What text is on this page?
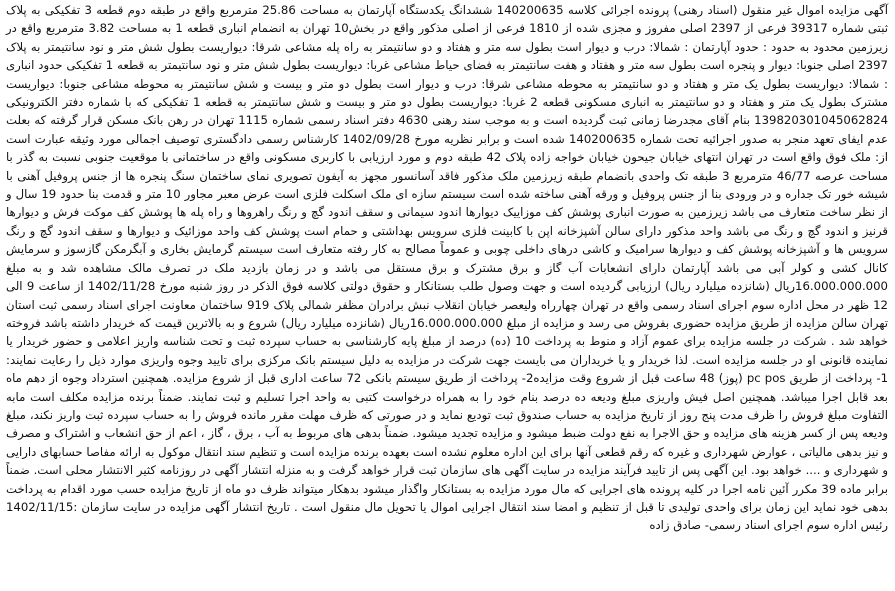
آگهی مزایده اموال غیر منقول (اسناد رهنی) پرونده اجرائی کلاسه 140200635 ششدانگ یکدستگاه آپارتمان به مساحت 25.86 مترمربع واقع در طبقه دوم قطعه 3 تفکیکی به پلاک ثبتی شماره 39317 فرعی از 2397 اصلی مفروز و مجزی شده از 1810 فرعی از اصلی مذکور واقع در بخش10 تهران به انضمام انباری قطعه 1 به مساحت 3.82 مترمربع واقع در زیرزمین محدود به حدود : حدود آپارتمان : شمالا: درب و دیوار است بطول سه متر و هفتاد و دو سانتیمتر به راه پله مشاعی شرقا: دیواریست بطول شش متر و نود سانتیمتر به پلاک 2397 اصلی جنوبا: دیوار و پنجره است بطول سه متر و هفتاد و هفت سانتیمتر به فضای حیاط مشاعی غربا: دیواریست بطول شش متر و نود سانتیمتر به قطعه 1 تفکیکی حدود انباری : شمالا: دیواریست بطول یک متر و هفتاد و دو سانتیمتر به محوطه مشاعی شرقا: درب و دیوار است بطول دو متر و بیست و شش سانتیمتر به محوطه مشاعی جنوبا: دیواریست مشترک بطول یک متر و هفتاد و دو سانتیمتر به انباری مسکونی قطعه 2 غربا: دیواریست بطول دو متر و بیست و شش سانتیمتر به قطعه 1 تفکیکی که با شماره دفتر الکترونیکی 139820301045062824 بنام آقای مجدرضا زمانی ثبت گردیده است و به موجب سند رهنی 4630 دفتر اسناد رسمی شماره 1115 تهران در رهن بانک مسکن قرار گرفته که بعلت عدم ایفای تعهد منجر به صدور اجرائیه تحت شماره 140200635 شده است و برابر نظریه مورخ 1402/09/28 کارشناس رسمی دادگستری توصیف اجمالی مورد وثیقه عبارت است از: ملک فوق واقع است در تهران انتهای خیابان جیحون خیابان خواجه زاده پلاک 42 طبقه دوم و مورد ارزیابی با کاربری مسکونی واقع در ساختمانی با موقعیت جنوبی نسبت به گذر با مساحت عرصه 46/77 مترمربع 3 طبقه تک واحدی بانضمام طبقه زیرزمین ملک مذکور فاقد آسانسور مجهز به آیفون تصویری نمای ساختمان سنگ پنجره ها از جنس پروفیل آهنی با شیشه خور تک جداره و در ورودی بنا از جنس پروفیل و ورقه آهنی ساخته شده است سیستم سازه ای ملک اسکلت فلزی است عرض معبر مجاور 10 متر و قدمت بنا حدود 19 سال و از نظر ساخت متعارف می باشد زیرزمین به صورت انباری پوشش کف موزاییک دیوارها اندود سیمانی و سقف اندود گچ و رنگ راهروها و راه پله ها پوشش کف موکت فرش و دیوارها قرنیز و اندود گچ و رنگ می باشد واحد مذکور دارای سالن آشپزخانه اپن با کابینت فلزی سرویس بهداشتی و حمام است پوشش کف واحد موزائیک و دیوارها و سقف اندود گچ و رنگ سرویس ها و آشپزخانه پوشش کف و دیوارها سرامیک و کاشی درهای داخلی چوبی و عموماً مصالح به کار رفته متعارف است سیستم گرمایش بخاری و آبگرمکن گازسوز و سرمایش کانال کشی و کولر آبی می باشد آپارتمان دارای انشعابات آب گاز و برق مشترک و برق مستقل می باشد و در زمان بازدید ملک در تصرف مالک مشاهده شد و به مبلغ 16.000.000.000ریال (شانزده میلیارد ریال) ارزیابی گردیده است و جهت وصول طلب بستانکار و حقوق دولتی کلاسه فوق الذکر در روز شنبه مورخ 1402/11/28 از ساعت 9 الی 12 ظهر در محل اداره سوم اجرای اسناد رسمی واقع در تهران چهارراه ولیعصر خیابان انقلاب نبش برادران مظفر شمالی پلاک 919 ساختمان معاونت اجرای اسناد رسمی ثبت استان تهران سالن مزایده از طریق مزایده حضوری بفروش می رسد و مزایده از مبلغ 16.000.000.000ریال (شانزده میلیارد ریال) شروع و به بالاترین قیمت که خریدار داشته باشد فروخته خواهد شد . شرکت در جلسه مزایده برای عموم آزاد و منوط به پرداخت 10 (ده) درصد از مبلغ پایه کارشناسی به حساب سپرده ثبت و تحت شناسه واریز اعلامی و حضور خریدار یا نماینده قانونی او در جلسه مزایده است. لذا خریدار و یا خریداران می بایست جهت شرکت در مزایده به دلیل سیستم بانک مرکزی برای تایید وجوه واریزی موارد ذیل را رعایت نمایند: 1- پرداخت از طریق pc pos (پوز) 48 ساعت قبل از شروع وقت مزایده2- پرداخت از طریق سیستم بانکی 72 ساعت اداری قبل از شروع مزایده. همچنین استرداد وجوه از دهم ماه بعد قابل اجرا میباشد. همچنین اصل فیش واریزی مبلغ ودیعه ده درصد بنام خود را به همراه درخواست کتبی به واحد اجرا تسلیم و ثبت نمایند. ضمناً برنده مزایده مکلف است مابه التفاوت مبلغ فروش را ظرف مدت پنج روز از تاریخ مزایده به حساب صندوق ثبت تودیع نماید و در صورتی که ظرف مهلت مقرر مانده فروش را به حساب سپرده ثبت واریز نکند، مبلغ ودیعه پس از کسر هزینه های مزایده و حق الاجرا به نفع دولت ضبط میشود و مزایده تجدید میشود. ضمناً بدهی های مربوط به آب ، برق ، گاز ، اعم از حق انشعاب و اشتراک و مصرف و نیز بدهی مالیاتی ، عوارض شهرداری و غیره که رقم قطعی آنها برای این اداره معلوم نشده است بعهده برنده مزایده است و تنظیم سند انتقال موکول به ارائه مفاصا حسابهای دارایی و شهرداری و .... خواهد بود. این آگهی پس از تایید فرآیند مزایده در سایت آگهی های سازمان ثبت قرار خواهد گرفت و به منزله انتشار آگهی در روزنامه کثیر الانتشار محلی است. ضمناً برابر ماده 39 مکرر آئین نامه اجرا در کلیه پرونده های اجرایی که مال مورد مزایده به بستانکار واگذار میشود بدهکار میتواند ظرف دو ماه از تاریخ مزایده حسب مورد اقدام به پرداخت بدهی خود نماید این زمان برای واحدی تولیدی تا قبل از تنظیم و امضا سند انتقال اجرایی اموال یا تحویل مال منقول است . تاریخ انتشار آگهی مزایده در سایت سازمان :1402/11/15 رئیس اداره سوم اجرای اسناد رسمی- صادق زاده
